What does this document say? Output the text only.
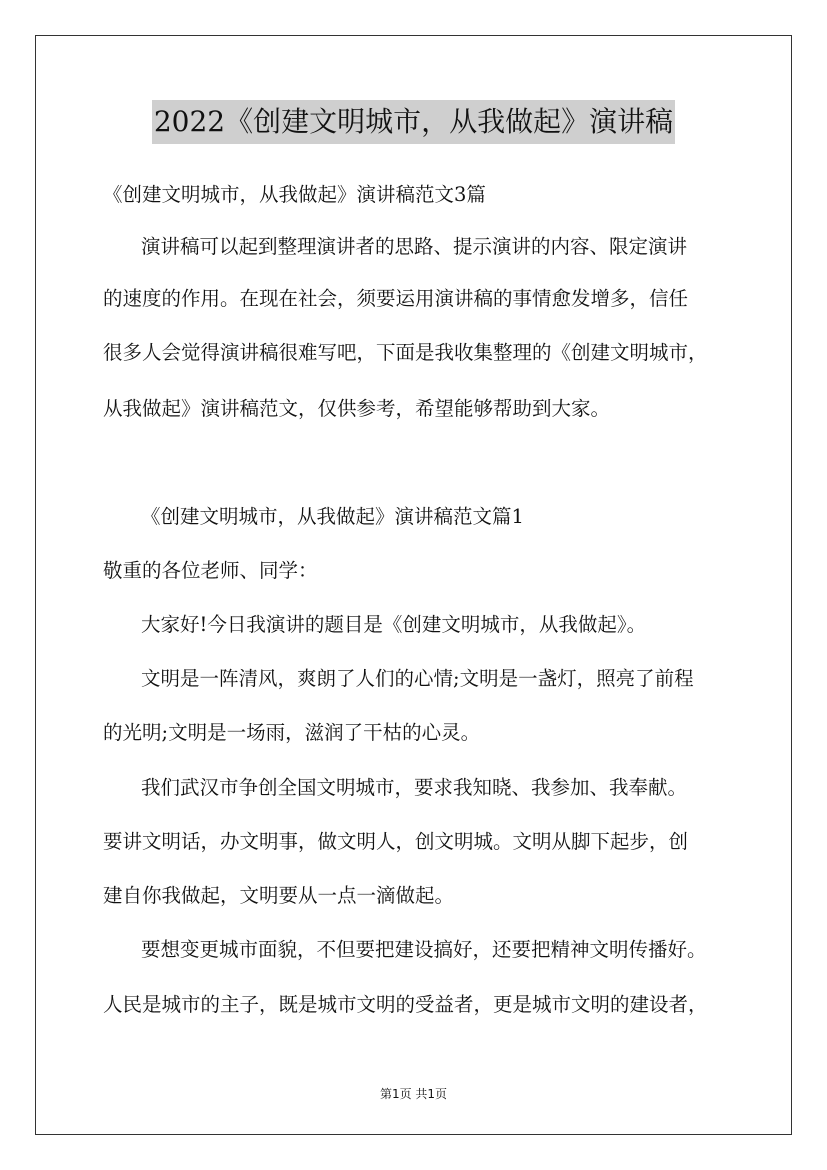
2022《创建文明城市，从我做起》演讲稿

《创建文明城市，从我做起》演讲稿范文3篇

演讲稿可以起到整理演讲者的思路、提示演讲的内容、限定演讲

的速度的作用。在现在社会，须要运用演讲稿的事情愈发增多，信任

很多人会觉得演讲稿很难写吧，下面是我收集整理的《创建文明城市，

从我做起》演讲稿范文，仅供参考，希望能够帮助到大家。

《创建文明城市，从我做起》演讲稿范文篇1

敬重的各位老师、同学：

大家好!今日我演讲的题目是《创建文明城市，从我做起》。

文明是一阵清风，爽朗了人们的心情;文明是一盏灯，照亮了前程

的光明;文明是一场雨，滋润了干枯的心灵。

我们武汉市争创全国文明城市，要求我知晓、我参加、我奉献。

要讲文明话，办文明事，做文明人，创文明城。文明从脚下起步，创

建自你我做起，文明要从一点一滴做起。

要想变更城市面貌，不但要把建设搞好，还要把精神文明传播好。

人民是城市的主子，既是城市文明的受益者，更是城市文明的建设者，

第1页 共1页
